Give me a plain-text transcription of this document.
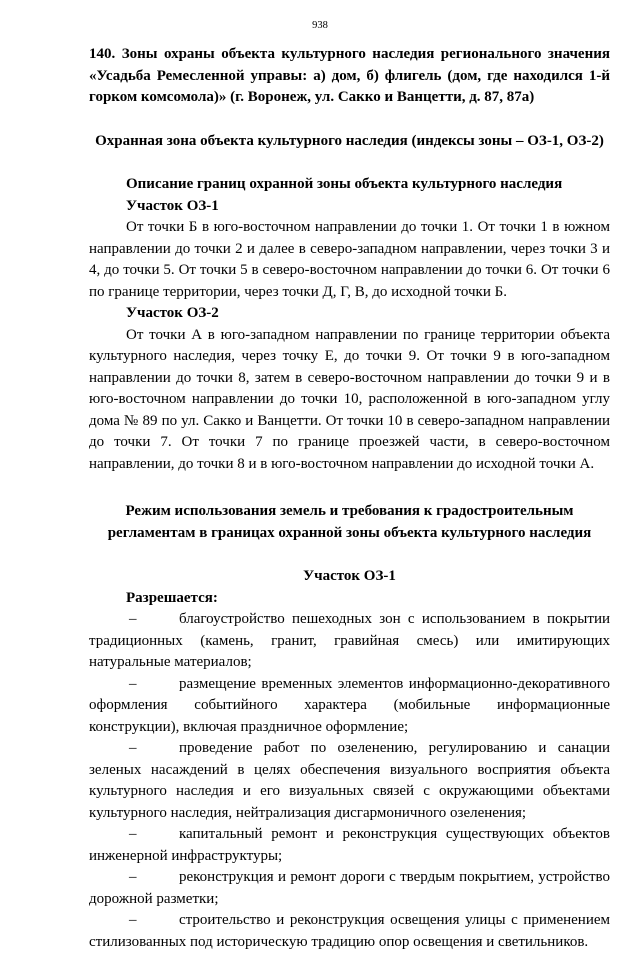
938

140. Зоны охраны объекта культурного наследия регионального значения «Усадьба Ремесленной управы: а) дом, б) флигель (дом, где находился 1-й горком комсомола)» (г. Воронеж, ул. Сакко и Ванцетти, д. 87, 87а)

Охранная зона объекта культурного наследия (индексы зоны – ОЗ-1, ОЗ-2)

Описание границ охранной зоны объекта культурного наследия

Участок ОЗ-1

От точки Б в юго-восточном направлении до точки 1. От точки 1 в южном направлении до точки 2 и далее в северо-западном направлении, через точки 3 и 4, до точки 5. От точки 5 в северо-восточном направлении до точки 6. От точки 6 по границе территории, через точки Д, Г, В, до исходной точки Б.

Участок ОЗ-2

От точки А в юго-западном направлении по границе территории объекта культурного наследия, через точку Е, до точки 9. От точки 9 в юго-западном направлении до точки 8, затем в северо-восточном направлении до точки 9 и в юго-восточном направлении до точки 10, расположенной в юго-западном углу дома № 89 по ул. Сакко и Ванцетти. От точки 10 в северо-западном направлении до точки 7. От точки 7 по границе проезжей части, в северо-восточном направлении, до точки 8 и в юго-восточном направлении до исходной точки А.

Режим использования земель и требования к градостроительным регламентам в границах охранной зоны объекта культурного наследия

Участок ОЗ-1

Разрешается:

–	благоустройство пешеходных зон с использованием в покрытии традиционных (камень, гранит, гравийная смесь) или имитирующих натуральные материалов;

–	размещение временных элементов информационно-декоративного оформления событийного характера (мобильные информационные конструкции), включая праздничное оформление;

–	проведение работ по озеленению, регулированию и санации зеленых насаждений в целях обеспечения визуального восприятия объекта культурного наследия и его визуальных связей с окружающими объектами культурного наследия, нейтрализация дисгармоничного озеленения;

–	капитальный ремонт и реконструкция существующих объектов инженерной инфраструктуры;

–	реконструкция и ремонт дороги с твердым покрытием, устройство дорожной разметки;

–	строительство и реконструкция освещения улицы с применением стилизованных под историческую традицию опор освещения и светильников.
